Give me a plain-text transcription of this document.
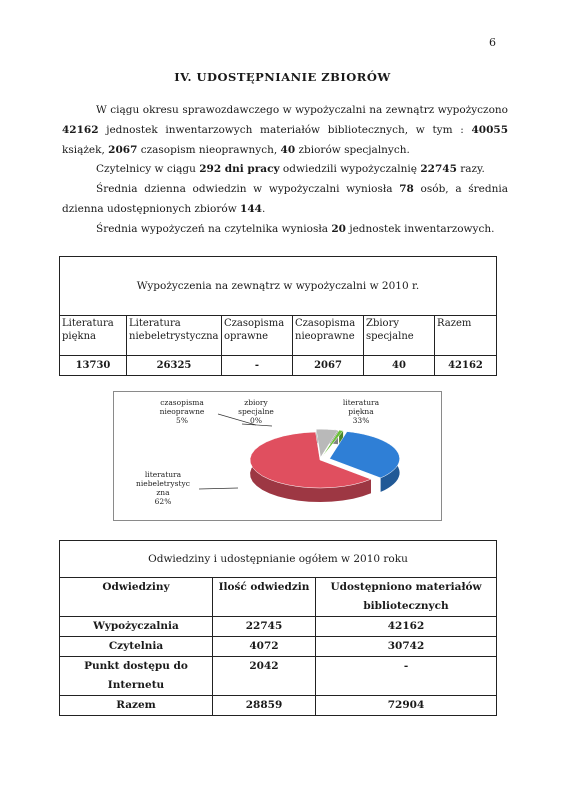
6
IV. UDOSTĘPNIANIE ZBIORÓW
W ciągu okresu sprawozdawczego w wypożyczalni na zewnątrz wypożyczono 42162 jednostek inwentarzowych materiałów bibliotecznych, w tym : 40055 książek, 2067 czasopism nieoprawnych, 40 zbiorów specjalnych.
Czytelnicy w ciągu 292 dni pracy odwiedzili wypożyczalnię 22745 razy.
Średnia dzienna odwiedzin w wypożyczalni wyniosła 78 osób, a średnia dzienna udostępnionych zbiorów 144.
Średnia wypożyczeń na czytelnika wyniosła 20 jednostek inwentarzowych.
Wypożyczenia na zewnątrz w wypożyczalni w 2010 r.					
Literatura piękna	Literatura niebeletrystyczna	Czasopisma oprawne	Czasopisma nieoprawne	Zbiory specjalne	Razem
13730	26325	-	2067	40	42162
czasopisma
nieoprawne
5%
zbiory
specjalne
0%
literatura
piękna
33%
literatura
niebeletrystyc
zna
62%
Odwiedziny i udostępnianie ogółem w 2010 roku		
Odwiedziny	Ilość odwiedzin	Udostępniono materiałów bibliotecznych
Wypożyczalnia	22745	42162
Czytelnia	4072	30742
Punkt dostępu do Internetu	2042	-
Razem	28859	72904
